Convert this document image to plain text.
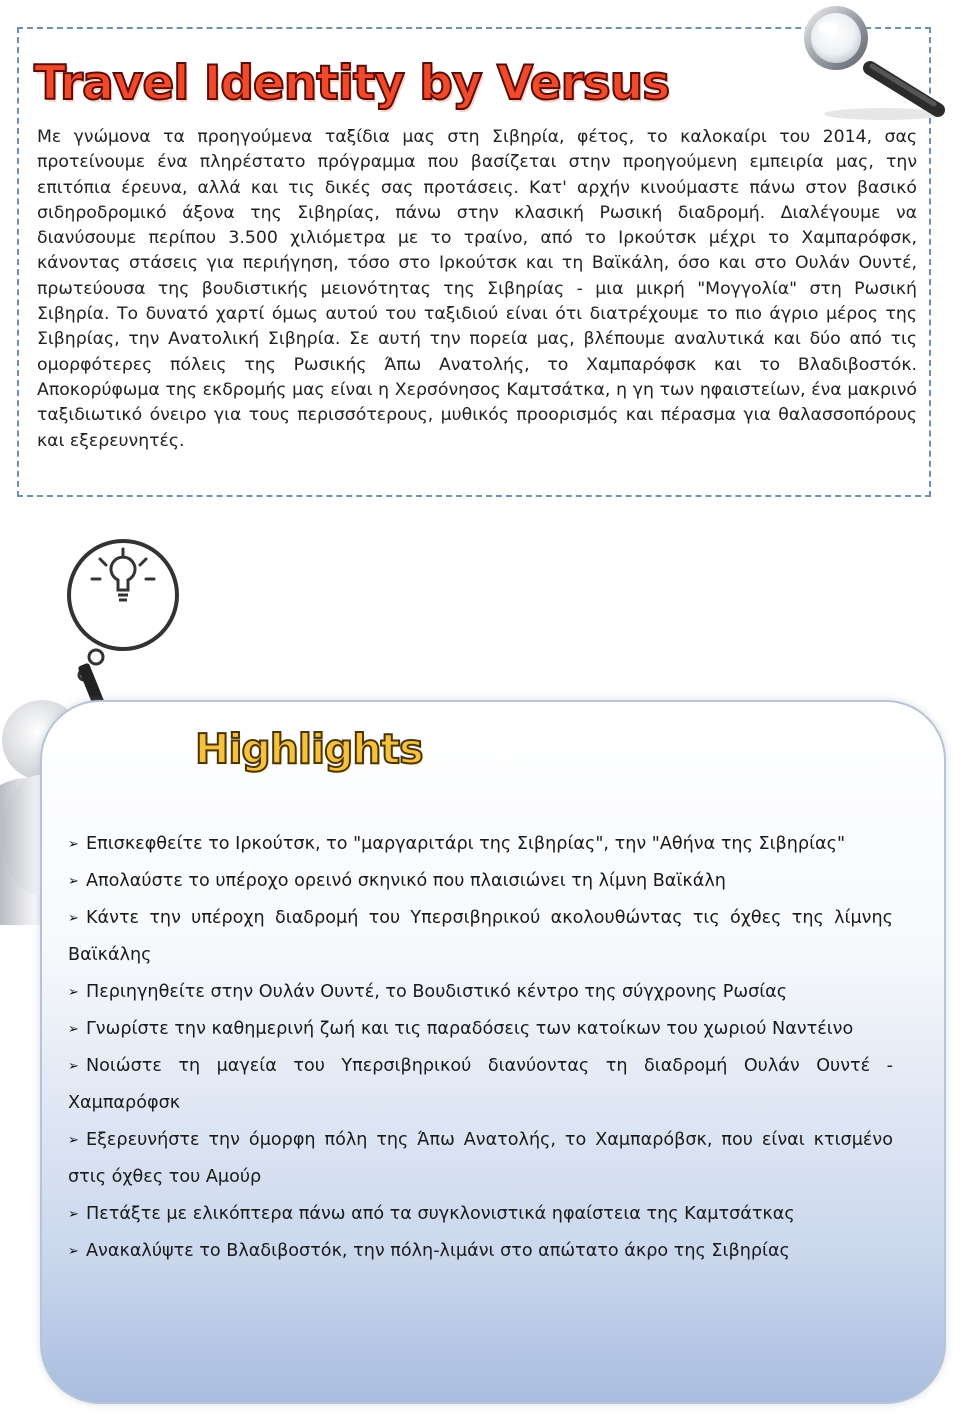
Travel Identity by Versus

Με γνώμονα τα προηγούμενα ταξίδια μας στη Σιβηρία, φέτος, το καλοκαίρι του 2014, σας προτείνουμε ένα πληρέστατο πρόγραμμα που βασίζεται στην προηγούμενη εμπειρία μας, την επιτόπια έρευνα, αλλά και τις δικές σας προτάσεις. Κατ' αρχήν κινούμαστε πάνω στον βασικό σιδηροδρομικό άξονα της Σιβηρίας, πάνω στην κλασική Ρωσική διαδρομή. Διαλέγουμε να διανύσουμε περίπου 3.500 χιλιόμετρα με το τραίνο, από το Ιρκούτσκ μέχρι το Χαμπαρόφσκ, κάνοντας στάσεις για περιήγηση, τόσο στο Ιρκούτσκ και τη Βαϊκάλη, όσο και στο Ουλάν Ουντέ, πρωτεύουσα της βουδιστικής μειονότητας της Σιβηρίας - μια μικρή "Μογγολία" στη Ρωσική Σιβηρία. Το δυνατό χαρτί όμως αυτού του ταξιδιού είναι ότι διατρέχουμε το πιο άγριο μέρος της Σιβηρίας, την Ανατολική Σιβηρία. Σε αυτή την πορεία μας, βλέπουμε αναλυτικά και δύο από τις ομορφότερες πόλεις της Ρωσικής Άπω Ανατολής, το Χαμπαρόφσκ και το Βλαδιβοστόκ. Αποκορύφωμα της εκδρομής μας είναι η Χερσόνησος Καμτσάτκα, η γη των ηφαιστείων, ένα μακρινό ταξιδιωτικό όνειρο για τους περισσότερους, μυθικός προορισμός και πέρασμα για θαλασσοπόρους και εξερευνητές.

Highlights
➢ Επισκεφθείτε το Ιρκούτσκ, το "μαργαριτάρι της Σιβηρίας", την "Αθήνα της Σιβηρίας"
➢ Απολαύστε το υπέροχο ορεινό σκηνικό που πλαισιώνει τη λίμνη Βαϊκάλη
➢ Κάντε την υπέροχη διαδρομή του Υπερσιβηρικού ακολουθώντας τις όχθες της λίμνης Βαϊκάλης
➢ Περιηγηθείτε στην Ουλάν Ουντέ, το Βουδιστικό κέντρο της σύγχρονης Ρωσίας
➢ Γνωρίστε την καθημερινή ζωή και τις παραδόσεις των κατοίκων του χωριού Ναντέινο
➢ Νοιώστε τη μαγεία του Υπερσιβηρικού διανύοντας τη διαδρομή Ουλάν Ουντέ - Χαμπαρόφσκ
➢ Εξερευνήστε την όμορφη πόλη της Άπω Ανατολής, το Χαμπαρόβσκ, που είναι κτισμένο στις όχθες του Αμούρ
➢ Πετάξτε με ελικόπτερα πάνω από τα συγκλονιστικά ηφαίστεια της Καμτσάτκας
➢ Ανακαλύψτε το Βλαδιβοστόκ, την πόλη-λιμάνι στο απώτατο άκρο της Σιβηρίας
